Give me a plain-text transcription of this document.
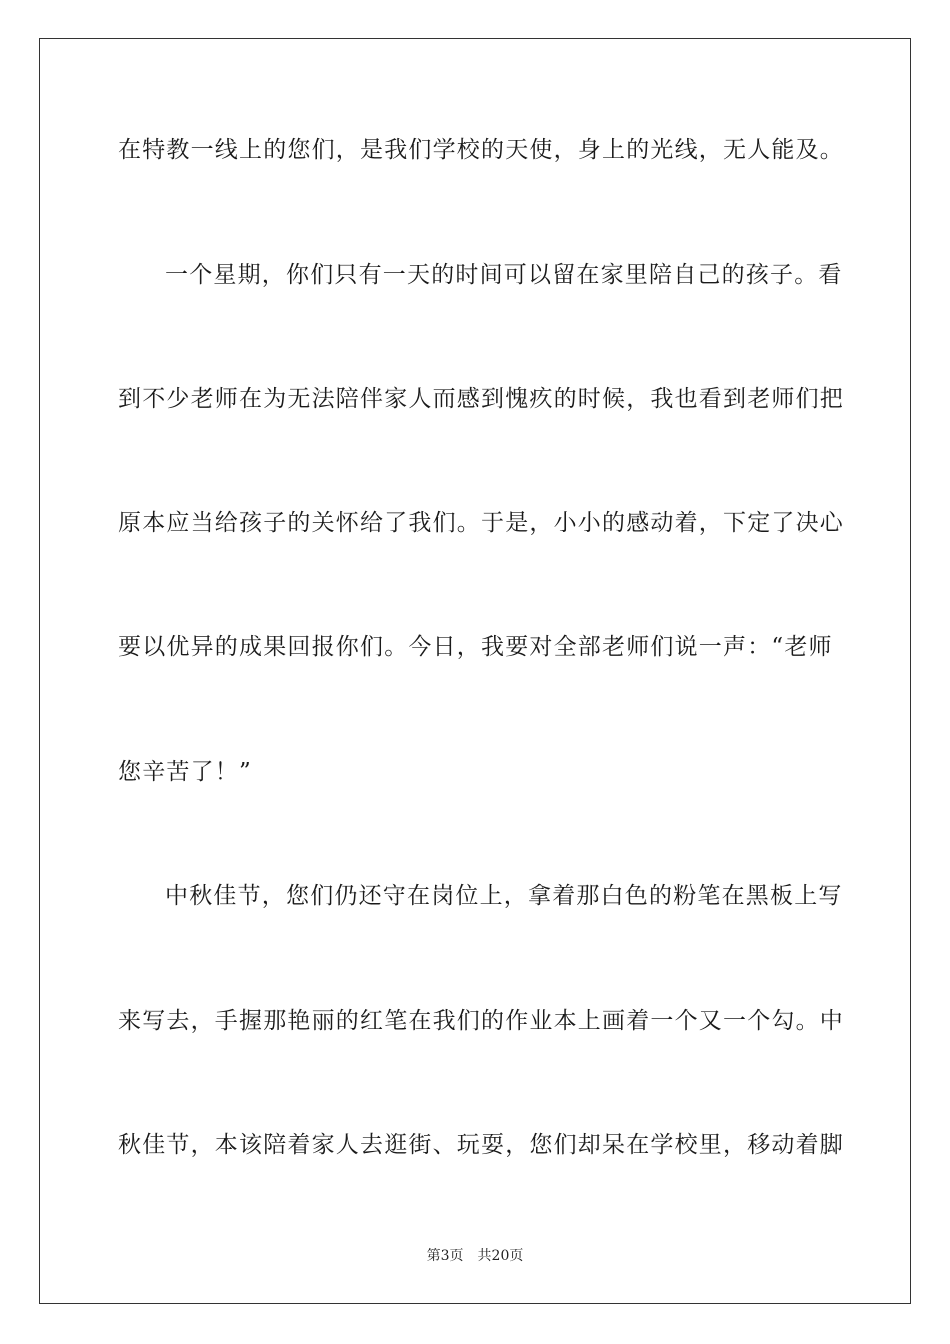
在特教一线上的您们，是我们学校的天使，身上的光线，无人能及。
一个星期，你们只有一天的时间可以留在家里陪自己的孩子。看
到不少老师在为无法陪伴家人而感到愧疚的时候，我也看到老师们把
原本应当给孩子的关怀给了我们。于是，小小的感动着，下定了决心
要以优异的成果回报你们。今日，我要对全部老师们说一声：“老师
您辛苦了！”
中秋佳节，您们仍还守在岗位上，拿着那白色的粉笔在黑板上写
来写去，手握那艳丽的红笔在我们的作业本上画着一个又一个勾。中
秋佳节，本该陪着家人去逛街、玩耍，您们却呆在学校里，移动着脚
第3页 共20页
